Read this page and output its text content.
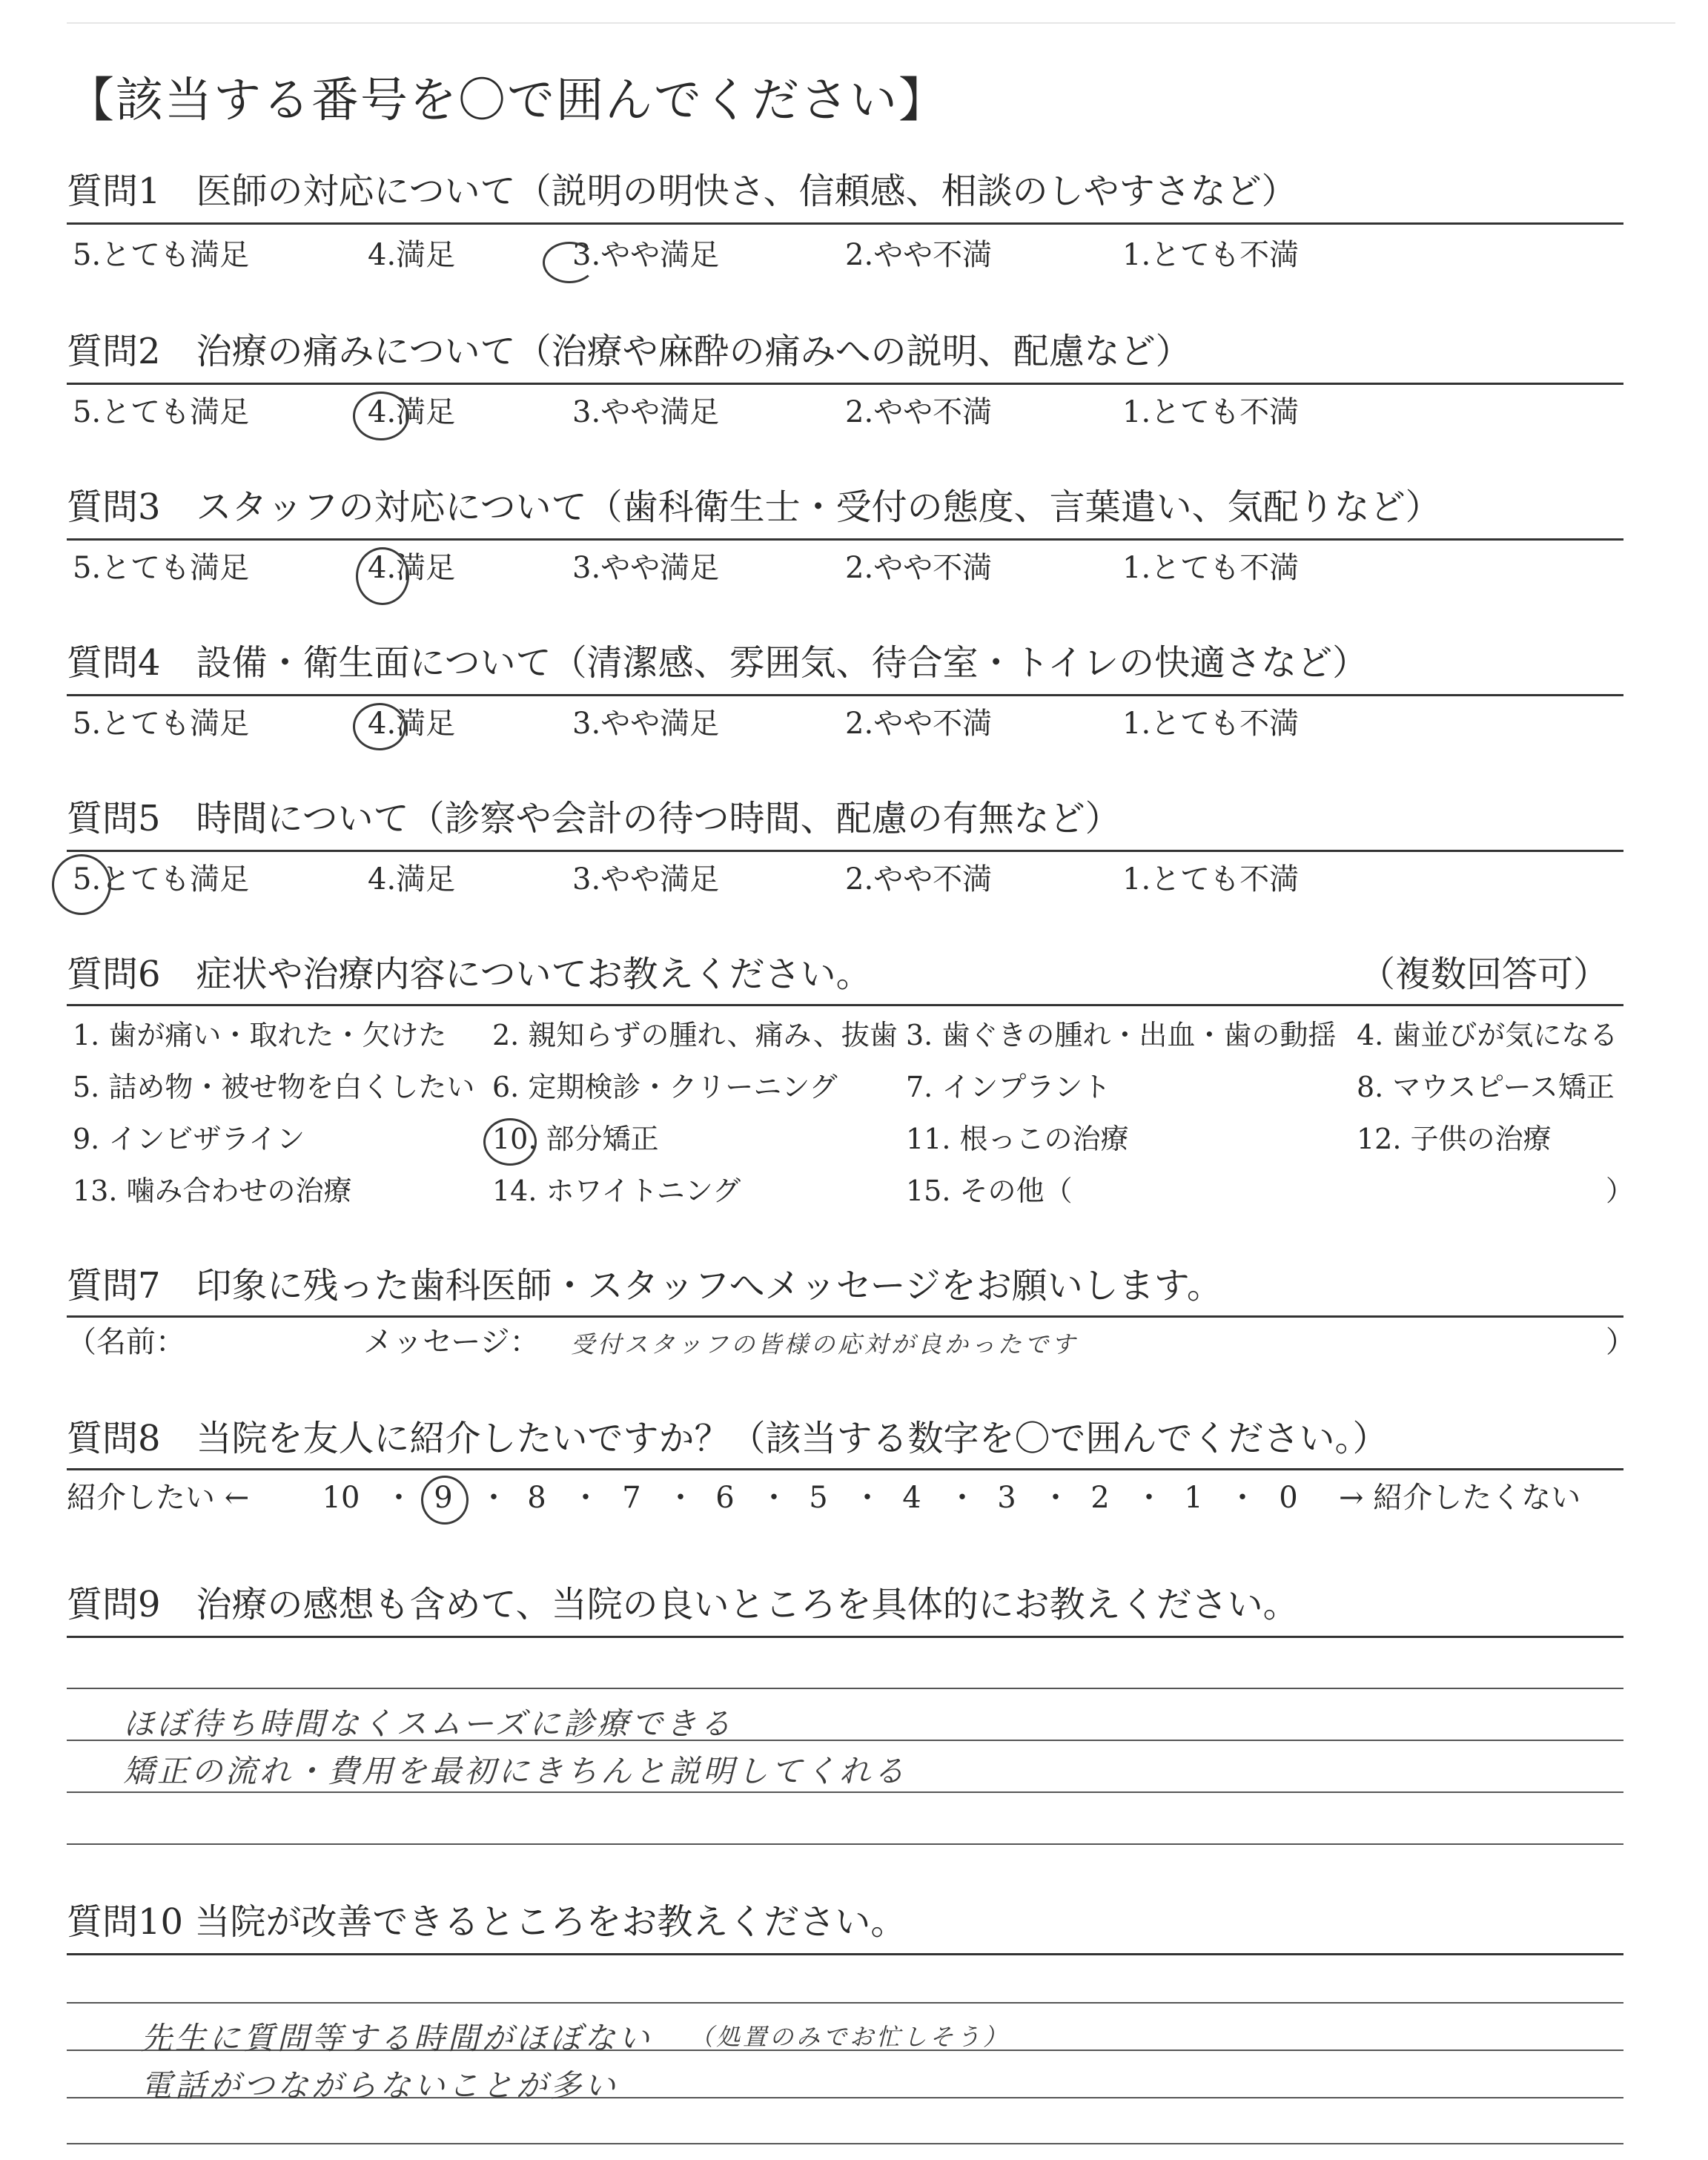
【該当する番号を〇で囲んでください】
質問1　医師の対応について（説明の明快さ、信頼感、相談のしやすさなど）
5.とても満足	4.満足	3.やや満足	2.やや不満	1.とても不満
質問2　治療の痛みについて（治療や麻酔の痛みへの説明、配慮など）
5.とても満足	4.満足	3.やや満足	2.やや不満	1.とても不満
質問3　スタッフの対応について（歯科衛生士・受付の態度、言葉遣い、気配りなど）
5.とても満足	4.満足	3.やや満足	2.やや不満	1.とても不満
質問4　設備・衛生面について（清潔感、雰囲気、待合室・トイレの快適さなど）
5.とても満足	4.満足	3.やや満足	2.やや不満	1.とても不満
質問5　時間について（診察や会計の待つ時間、配慮の有無など）
5.とても満足	4.満足	3.やや満足	2.やや不満	1.とても不満
質問6　症状や治療内容についてお教えください。	（複数回答可）
1. 歯が痛い・取れた・欠けた 2. 親知らずの腫れ、痛み、抜歯 3. 歯ぐきの腫れ・出血・歯の動揺 4. 歯並びが気になる
5. 詰め物・被せ物を白くしたい 6. 定期検診・クリーニング 7. インプラント	8. マウスピース矯正
9. インビザライン	10. 部分矯正	11. 根っこの治療	12. 子供の治療
13. 噛み合わせの治療	14. ホワイトニング	15. その他（	）
質問7　印象に残った歯科医師・スタッフへメッセージをお願いします。
（名前：	メッセージ： 受付スタッフの皆様の応対が良かったです	）
質問8　当院を友人に紹介したいですか？（該当する数字を〇で囲んでください。）
紹介したい ←	→ 紹介したくない
10 ・ 9 ・ 8 ・ 7 ・ 6 ・ 5 ・ 4 ・ 3 ・ 2 ・ 1 ・ 0
質問9　治療の感想も含めて、当院の良いところを具体的にお教えください。
ほぼ待ち時間なくスムーズに診療できる
矯正の流れ・費用を最初にきちんと説明してくれる
質問10 当院が改善できるところをお教えください。
先生に質問等する時間がほぼない （処置のみでお忙しそう）
電話がつながらないことが多い
